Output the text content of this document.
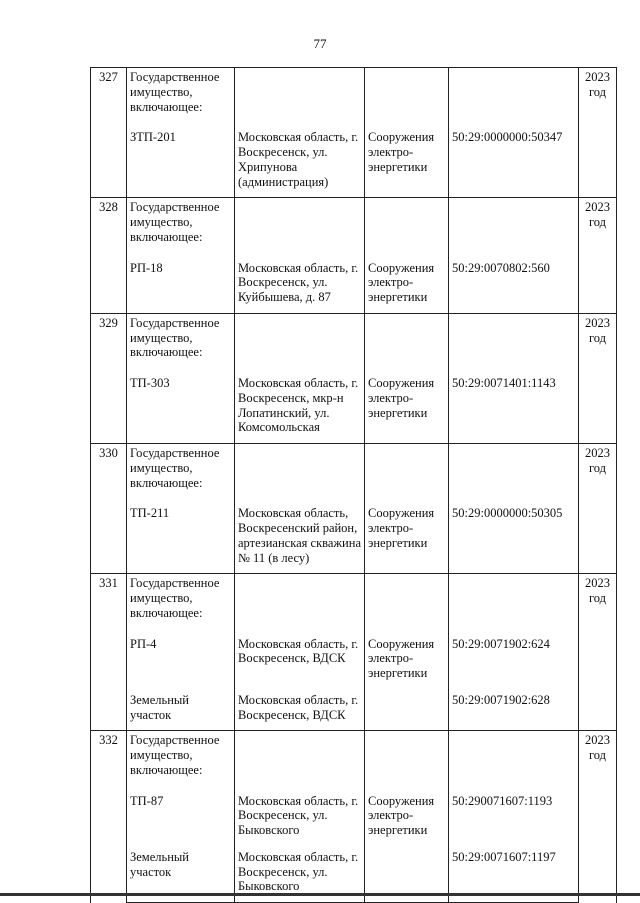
77
327	Государственное имущество, включающее:				2023 год
	ЗТП-201	Московская область, г. Воскресенск, ул. Хрипунова (администрация)	Сооружения электро-энергетики	50:29:0000000:50347	
328	Государственное имущество, включающее:				2023 год
	РП-18	Московская область, г. Воскресенск, ул. Куйбышева, д. 87	Сооружения электро-энергетики	50:29:0070802:560	
329	Государственное имущество, включающее:				2023 год
	ТП-303	Московская область, г. Воскресенск, мкр-н Лопатинский, ул. Комсомольская	Сооружения электро-энергетики	50:29:0071401:1143	
330	Государственное имущество, включающее:				2023 год
	ТП-211	Московская область, Воскресенский район, артезианская скважина № 11 (в лесу)	Сооружения электро-энергетики	50:29:0000000:50305	
331	Государственное имущество, включающее:				2023 год
	РП-4	Московская область, г. Воскресенск, ВДСК	Сооружения электро-энергетики	50:29:0071902:624	
	Земельный участок	Московская область, г. Воскресенск, ВДСК		50:29:0071902:628	
332	Государственное имущество, включающее:				2023 год
	ТП-87	Московская область, г. Воскресенск, ул. Быковского	Сооружения электро-энергетики	50:290071607:1193	
	Земельный участок	Московская область, г. Воскресенск, ул. Быковского		50:29:0071607:1197	
